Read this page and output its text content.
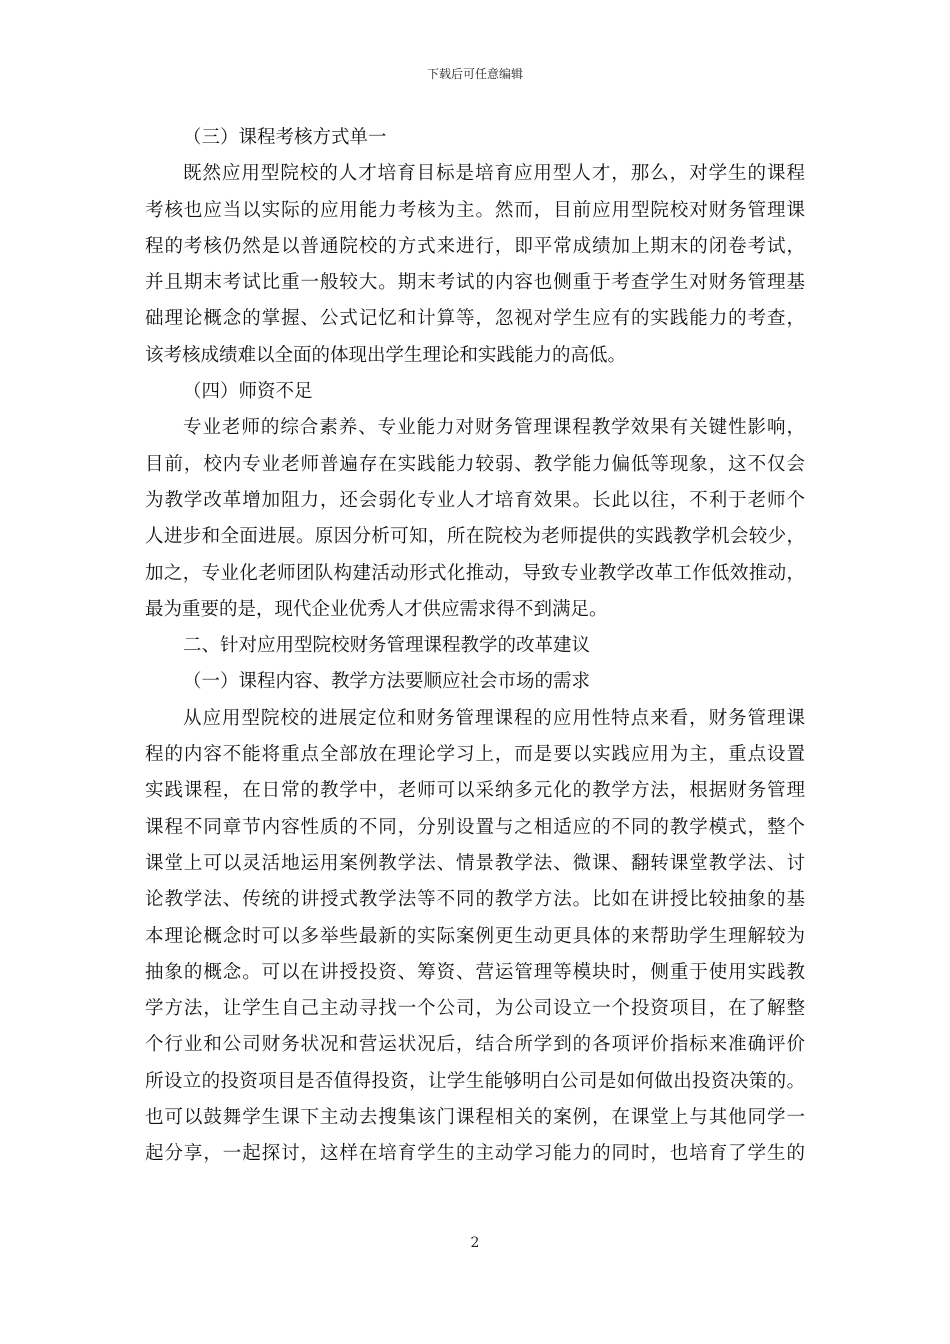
下载后可任意编辑
（三）课程考核方式单一
既然应用型院校的人才培育目标是培育应用型人才，那么，对学生的课程
考核也应当以实际的应用能力考核为主。然而，目前应用型院校对财务管理课
程的考核仍然是以普通院校的方式来进行，即平常成绩加上期末的闭卷考试，
并且期末考试比重一般较大。期末考试的内容也侧重于考查学生对财务管理基
础理论概念的掌握、公式记忆和计算等，忽视对学生应有的实践能力的考查，
该考核成绩难以全面的体现出学生理论和实践能力的高低。
（四）师资不足
专业老师的综合素养、专业能力对财务管理课程教学效果有关键性影响，
目前，校内专业老师普遍存在实践能力较弱、教学能力偏低等现象，这不仅会
为教学改革增加阻力，还会弱化专业人才培育效果。长此以往，不利于老师个
人进步和全面进展。原因分析可知，所在院校为老师提供的实践教学机会较少，
加之，专业化老师团队构建活动形式化推动，导致专业教学改革工作低效推动，
最为重要的是，现代企业优秀人才供应需求得不到满足。
二、针对应用型院校财务管理课程教学的改革建议
（一）课程内容、教学方法要顺应社会市场的需求
从应用型院校的进展定位和财务管理课程的应用性特点来看，财务管理课
程的内容不能将重点全部放在理论学习上，而是要以实践应用为主，重点设置
实践课程，在日常的教学中，老师可以采纳多元化的教学方法，根据财务管理
课程不同章节内容性质的不同，分别设置与之相适应的不同的教学模式，整个
课堂上可以灵活地运用案例教学法、情景教学法、微课、翻转课堂教学法、讨
论教学法、传统的讲授式教学法等不同的教学方法。比如在讲授比较抽象的基
本理论概念时可以多举些最新的实际案例更生动更具体的来帮助学生理解较为
抽象的概念。可以在讲授投资、筹资、营运管理等模块时，侧重于使用实践教
学方法，让学生自己主动寻找一个公司，为公司设立一个投资项目，在了解整
个行业和公司财务状况和营运状况后，结合所学到的各项评价指标来准确评价
所设立的投资项目是否值得投资，让学生能够明白公司是如何做出投资决策的。
也可以鼓舞学生课下主动去搜集该门课程相关的案例，在课堂上与其他同学一
起分享，一起探讨，这样在培育学生的主动学习能力的同时，也培育了学生的
2
